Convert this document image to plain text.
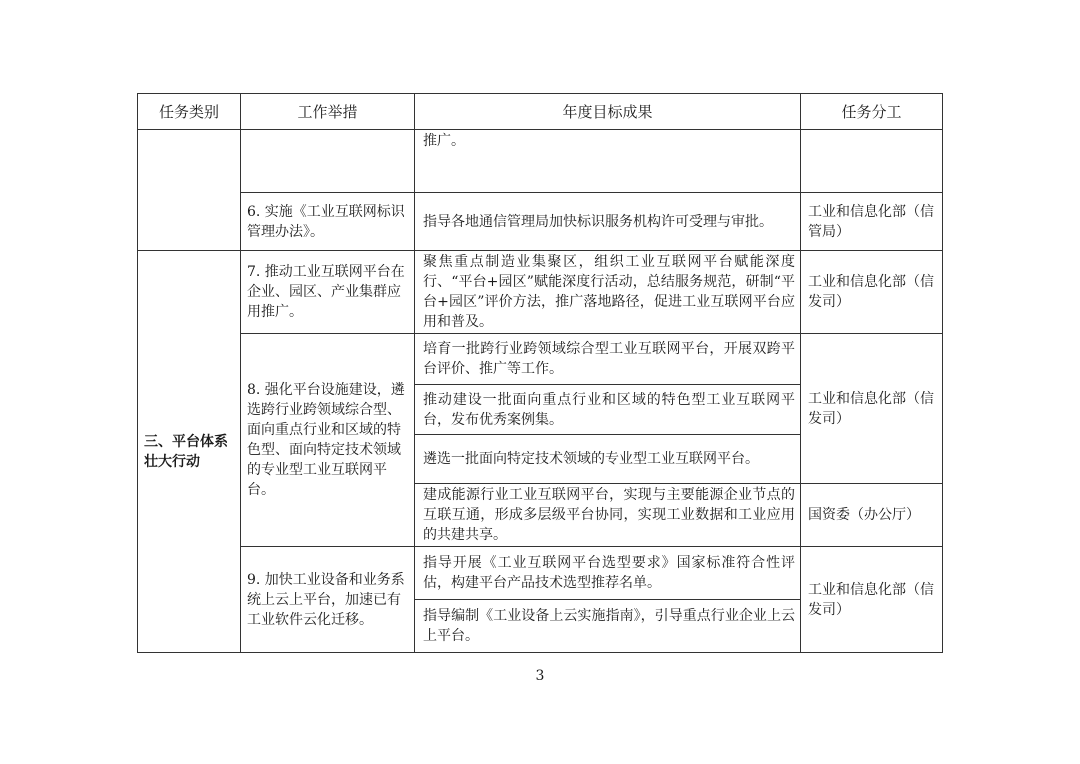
任务类别	工作举措	年度目标成果	任务分工
		推广。	
	6. 实施《工业互联网标识管理办法》。	指导各地通信管理局加快标识服务机构许可受理与审批。	工业和信息化部（信管局）
三、平台体系壮大行动	7. 推动工业互联网平台在企业、园区、产业集群应用推广。	聚焦重点制造业集聚区，组织工业互联网平台赋能深度行、“平台+园区”赋能深度行活动，总结服务规范，研制“平台+园区”评价方法，推广落地路径，促进工业互联网平台应用和普及。	工业和信息化部（信发司）
	8. 强化平台设施建设，遴选跨行业跨领域综合型、面向重点行业和区域的特色型、面向特定技术领域的专业型工业互联网平台。	培育一批跨行业跨领域综合型工业互联网平台，开展双跨平台评价、推广等工作。	工业和信息化部（信发司）
		推动建设一批面向重点行业和区域的特色型工业互联网平台，发布优秀案例集。	
		遴选一批面向特定技术领域的专业型工业互联网平台。	
		建成能源行业工业互联网平台，实现与主要能源企业节点的互联互通，形成多层级平台协同，实现工业数据和工业应用的共建共享。	国资委（办公厅）
	9. 加快工业设备和业务系统上云上平台，加速已有工业软件云化迁移。	指导开展《工业互联网平台选型要求》国家标准符合性评估，构建平台产品技术选型推荐名单。	工业和信息化部（信发司）
		指导编制《工业设备上云实施指南》，引导重点行业企业上云上平台。	
3
